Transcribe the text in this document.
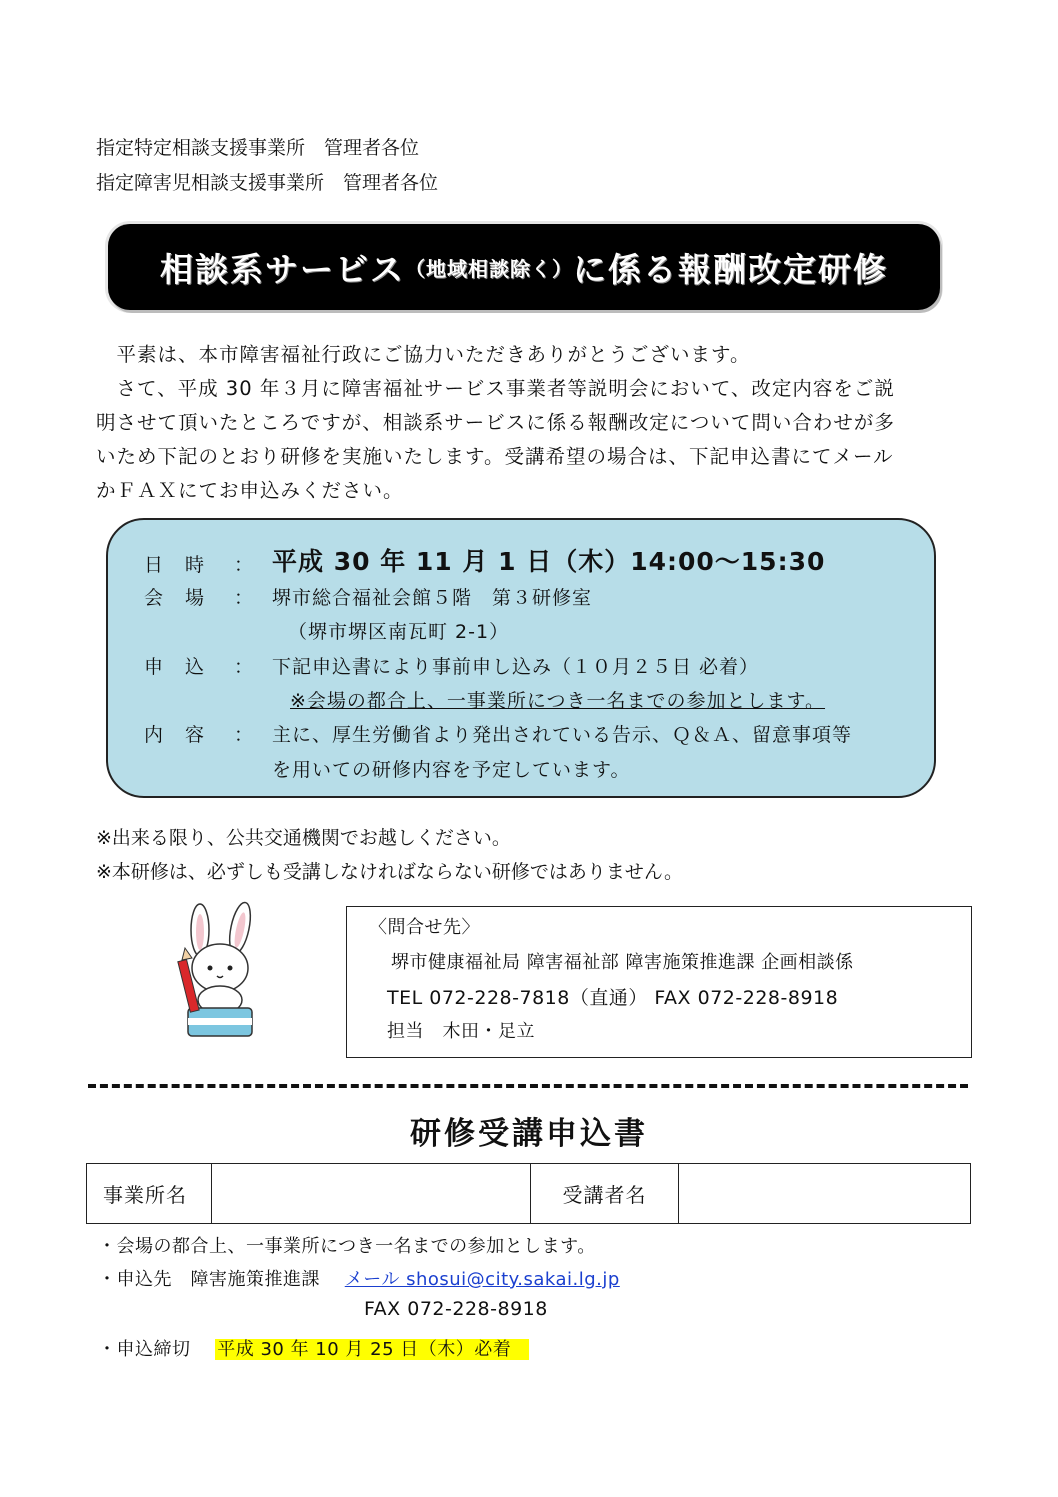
指定特定相談支援事業所　管理者各位
指定障害児相談支援事業所　管理者各位
相談系サービス （地域相談除く） に係る報酬改定研修
　平素は、本市障害福祉行政にご協力いただきありがとうございます。
　さて、平成 30 年３月に障害福祉サービス事業者等説明会において、改定内容をご説
明させて頂いたところですが、相談系サービスに係る報酬改定について問い合わせが多
いため下記のとおり研修を実施いたします。受講希望の場合は、下記申込書にてメール
かＦＡＸにてお申込みください。
日時 ： 平成 30 年 11 月 1 日（木）14:00～15:30
会場 ： 堺市総合福祉会館５階　第３研修室
（堺市堺区南瓦町 2-1）
申込 ： 下記申込書により事前申し込み（１０月２５日 必着）
※会場の都合上、一事業所につき一名までの参加とします。
内容 ： 主に、厚生労働省より発出されている告示、Ｑ＆Ａ、留意事項等
を用いての研修内容を予定しています。
※出来る限り、公共交通機関でお越しください。
※本研修は、必ずしも受講しなければならない研修ではありません。
〈問合せ先〉
堺市健康福祉局 障害福祉部 障害施策推進課 企画相談係
TEL 072-228-7818（直通） FAX 072-228-8918
担当　木田・足立
研修受講申込書
事業所名		受講者名	
・会場の都合上、一事業所につき一名までの参加とします。
・申込先　障害施策推進課　 メール shosui@city.sakai.lg.jp
FAX 072-228-8918
・申込締切　 平成 30 年 10 月 25 日（木）必着
